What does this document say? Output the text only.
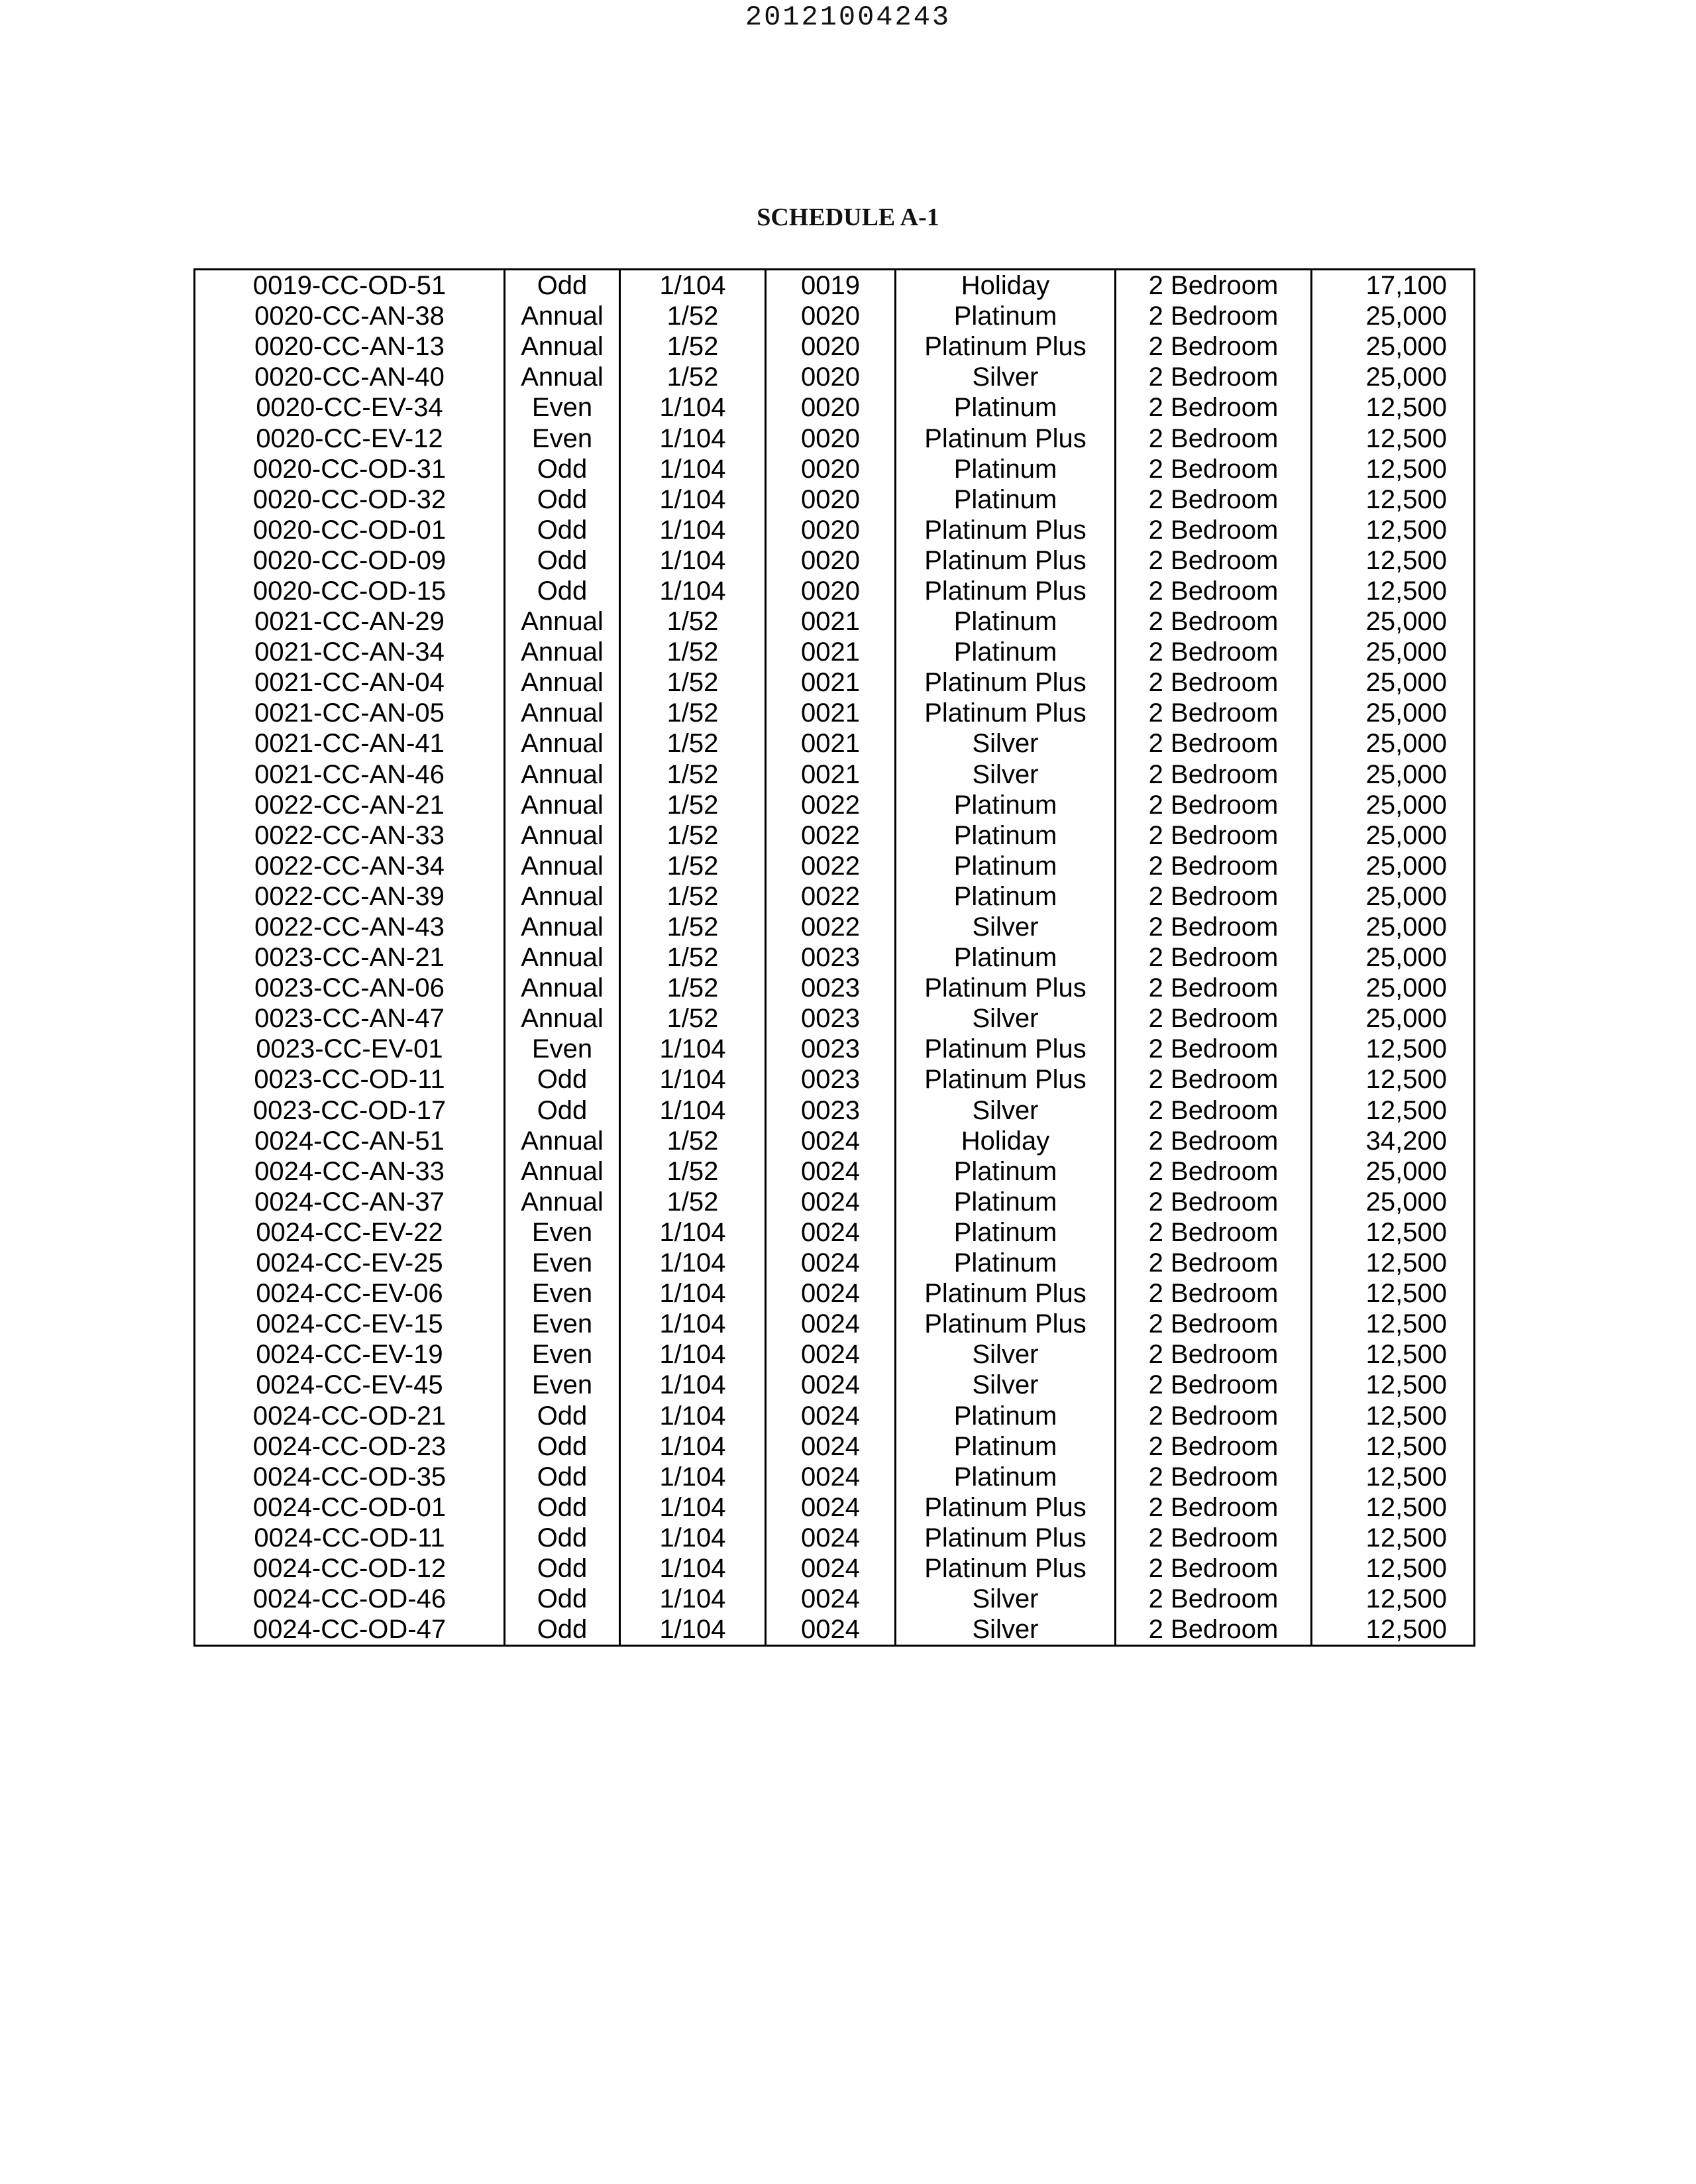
20121004243
SCHEDULE A-1
0019-CC-OD-51	Odd	1/104	0019	Holiday	2 Bedroom	17,100
0020-CC-AN-38	Annual	1/52	0020	Platinum	2 Bedroom	25,000
0020-CC-AN-13	Annual	1/52	0020	Platinum Plus	2 Bedroom	25,000
0020-CC-AN-40	Annual	1/52	0020	Silver	2 Bedroom	25,000
0020-CC-EV-34	Even	1/104	0020	Platinum	2 Bedroom	12,500
0020-CC-EV-12	Even	1/104	0020	Platinum Plus	2 Bedroom	12,500
0020-CC-OD-31	Odd	1/104	0020	Platinum	2 Bedroom	12,500
0020-CC-OD-32	Odd	1/104	0020	Platinum	2 Bedroom	12,500
0020-CC-OD-01	Odd	1/104	0020	Platinum Plus	2 Bedroom	12,500
0020-CC-OD-09	Odd	1/104	0020	Platinum Plus	2 Bedroom	12,500
0020-CC-OD-15	Odd	1/104	0020	Platinum Plus	2 Bedroom	12,500
0021-CC-AN-29	Annual	1/52	0021	Platinum	2 Bedroom	25,000
0021-CC-AN-34	Annual	1/52	0021	Platinum	2 Bedroom	25,000
0021-CC-AN-04	Annual	1/52	0021	Platinum Plus	2 Bedroom	25,000
0021-CC-AN-05	Annual	1/52	0021	Platinum Plus	2 Bedroom	25,000
0021-CC-AN-41	Annual	1/52	0021	Silver	2 Bedroom	25,000
0021-CC-AN-46	Annual	1/52	0021	Silver	2 Bedroom	25,000
0022-CC-AN-21	Annual	1/52	0022	Platinum	2 Bedroom	25,000
0022-CC-AN-33	Annual	1/52	0022	Platinum	2 Bedroom	25,000
0022-CC-AN-34	Annual	1/52	0022	Platinum	2 Bedroom	25,000
0022-CC-AN-39	Annual	1/52	0022	Platinum	2 Bedroom	25,000
0022-CC-AN-43	Annual	1/52	0022	Silver	2 Bedroom	25,000
0023-CC-AN-21	Annual	1/52	0023	Platinum	2 Bedroom	25,000
0023-CC-AN-06	Annual	1/52	0023	Platinum Plus	2 Bedroom	25,000
0023-CC-AN-47	Annual	1/52	0023	Silver	2 Bedroom	25,000
0023-CC-EV-01	Even	1/104	0023	Platinum Plus	2 Bedroom	12,500
0023-CC-OD-11	Odd	1/104	0023	Platinum Plus	2 Bedroom	12,500
0023-CC-OD-17	Odd	1/104	0023	Silver	2 Bedroom	12,500
0024-CC-AN-51	Annual	1/52	0024	Holiday	2 Bedroom	34,200
0024-CC-AN-33	Annual	1/52	0024	Platinum	2 Bedroom	25,000
0024-CC-AN-37	Annual	1/52	0024	Platinum	2 Bedroom	25,000
0024-CC-EV-22	Even	1/104	0024	Platinum	2 Bedroom	12,500
0024-CC-EV-25	Even	1/104	0024	Platinum	2 Bedroom	12,500
0024-CC-EV-06	Even	1/104	0024	Platinum Plus	2 Bedroom	12,500
0024-CC-EV-15	Even	1/104	0024	Platinum Plus	2 Bedroom	12,500
0024-CC-EV-19	Even	1/104	0024	Silver	2 Bedroom	12,500
0024-CC-EV-45	Even	1/104	0024	Silver	2 Bedroom	12,500
0024-CC-OD-21	Odd	1/104	0024	Platinum	2 Bedroom	12,500
0024-CC-OD-23	Odd	1/104	0024	Platinum	2 Bedroom	12,500
0024-CC-OD-35	Odd	1/104	0024	Platinum	2 Bedroom	12,500
0024-CC-OD-01	Odd	1/104	0024	Platinum Plus	2 Bedroom	12,500
0024-CC-OD-11	Odd	1/104	0024	Platinum Plus	2 Bedroom	12,500
0024-CC-OD-12	Odd	1/104	0024	Platinum Plus	2 Bedroom	12,500
0024-CC-OD-46	Odd	1/104	0024	Silver	2 Bedroom	12,500
0024-CC-OD-47	Odd	1/104	0024	Silver	2 Bedroom	12,500
